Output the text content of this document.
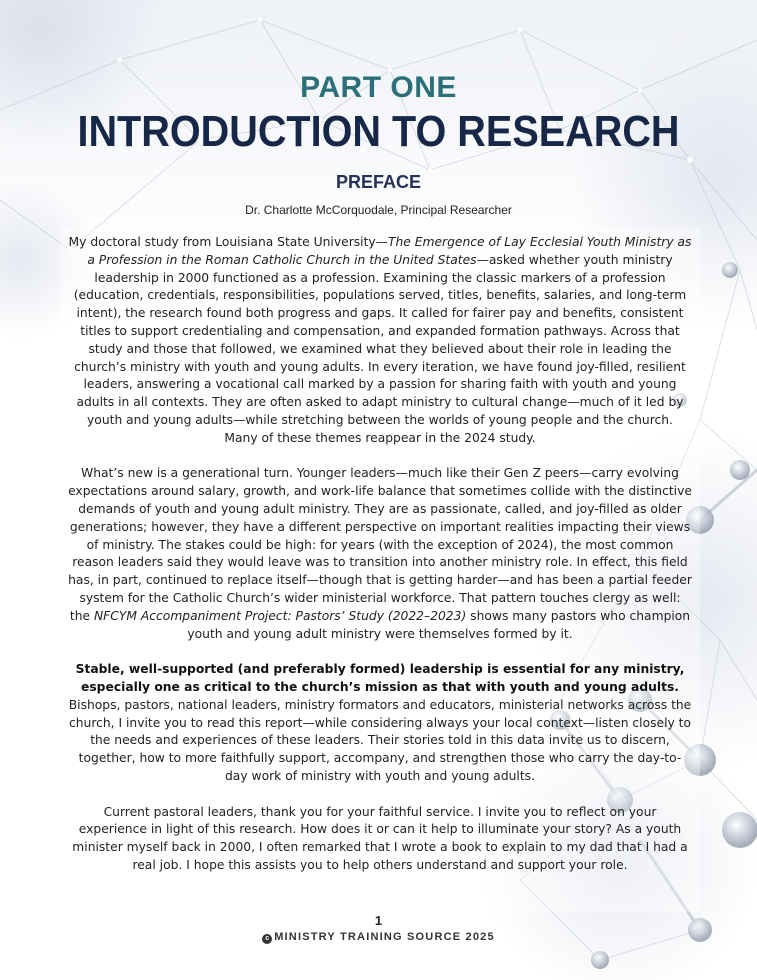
PART ONE
INTRODUCTION TO RESEARCH
PREFACE
Dr. Charlotte McCorquodale, Principal Researcher

My doctoral study from Louisiana State University—The Emergence of Lay Ecclesial Youth Ministry as a Profession in the Roman Catholic Church in the United States—asked whether youth ministry leadership in 2000 functioned as a profession. Examining the classic markers of a profession (education, credentials, responsibilities, populations served, titles, benefits, salaries, and long-term intent), the research found both progress and gaps. It called for fairer pay and benefits, consistent titles to support credentialing and compensation, and expanded formation pathways. Across that study and those that followed, we examined what they believed about their role in leading the church’s ministry with youth and young adults. In every iteration, we have found joy-filled, resilient leaders, answering a vocational call marked by a passion for sharing faith with youth and young adults in all contexts. They are often asked to adapt ministry to cultural change—much of it led by youth and young adults—while stretching between the worlds of young people and the church.

Many of these themes reappear in the 2024 study.

What’s new is a generational turn. Younger leaders—much like their Gen Z peers—carry evolving expectations around salary, growth, and work-life balance that sometimes collide with the distinctive demands of youth and young adult ministry. They are as passionate, called, and joy-filled as older generations; however, they have a different perspective on important realities impacting their views of ministry. The stakes could be high: for years (with the exception of 2024), the most common reason leaders said they would leave was to transition into another ministry role. In effect, this field has, in part, continued to replace itself—though that is getting harder—and has been a partial feeder system for the Catholic Church’s wider ministerial workforce. That pattern touches clergy as well: the NFCYM Accompaniment Project: Pastors’ Study (2022–2023) shows many pastors who champion youth and young adult ministry were themselves formed by it.

Stable, well-supported (and preferably formed) leadership is essential for any ministry, especially one as critical to the church’s mission as that with youth and young adults. Bishops, pastors, national leaders, ministry formators and educators, ministerial networks across the church, I invite you to read this report—while considering always your local context—listen closely to the needs and experiences of these leaders. Their stories told in this data invite us to discern, together, how to more faithfully support, accompany, and strengthen those who carry the day-to-day work of ministry with youth and young adults.

Current pastoral leaders, thank you for your faithful service. I invite you to reflect on your experience in light of this research. How does it or can it help to illuminate your story? As a youth minister myself back in 2000, I often remarked that I wrote a book to explain to my dad that I had a real job. I hope this assists you to help others understand and support your role.

1
c MINISTRY TRAINING SOURCE 2025
